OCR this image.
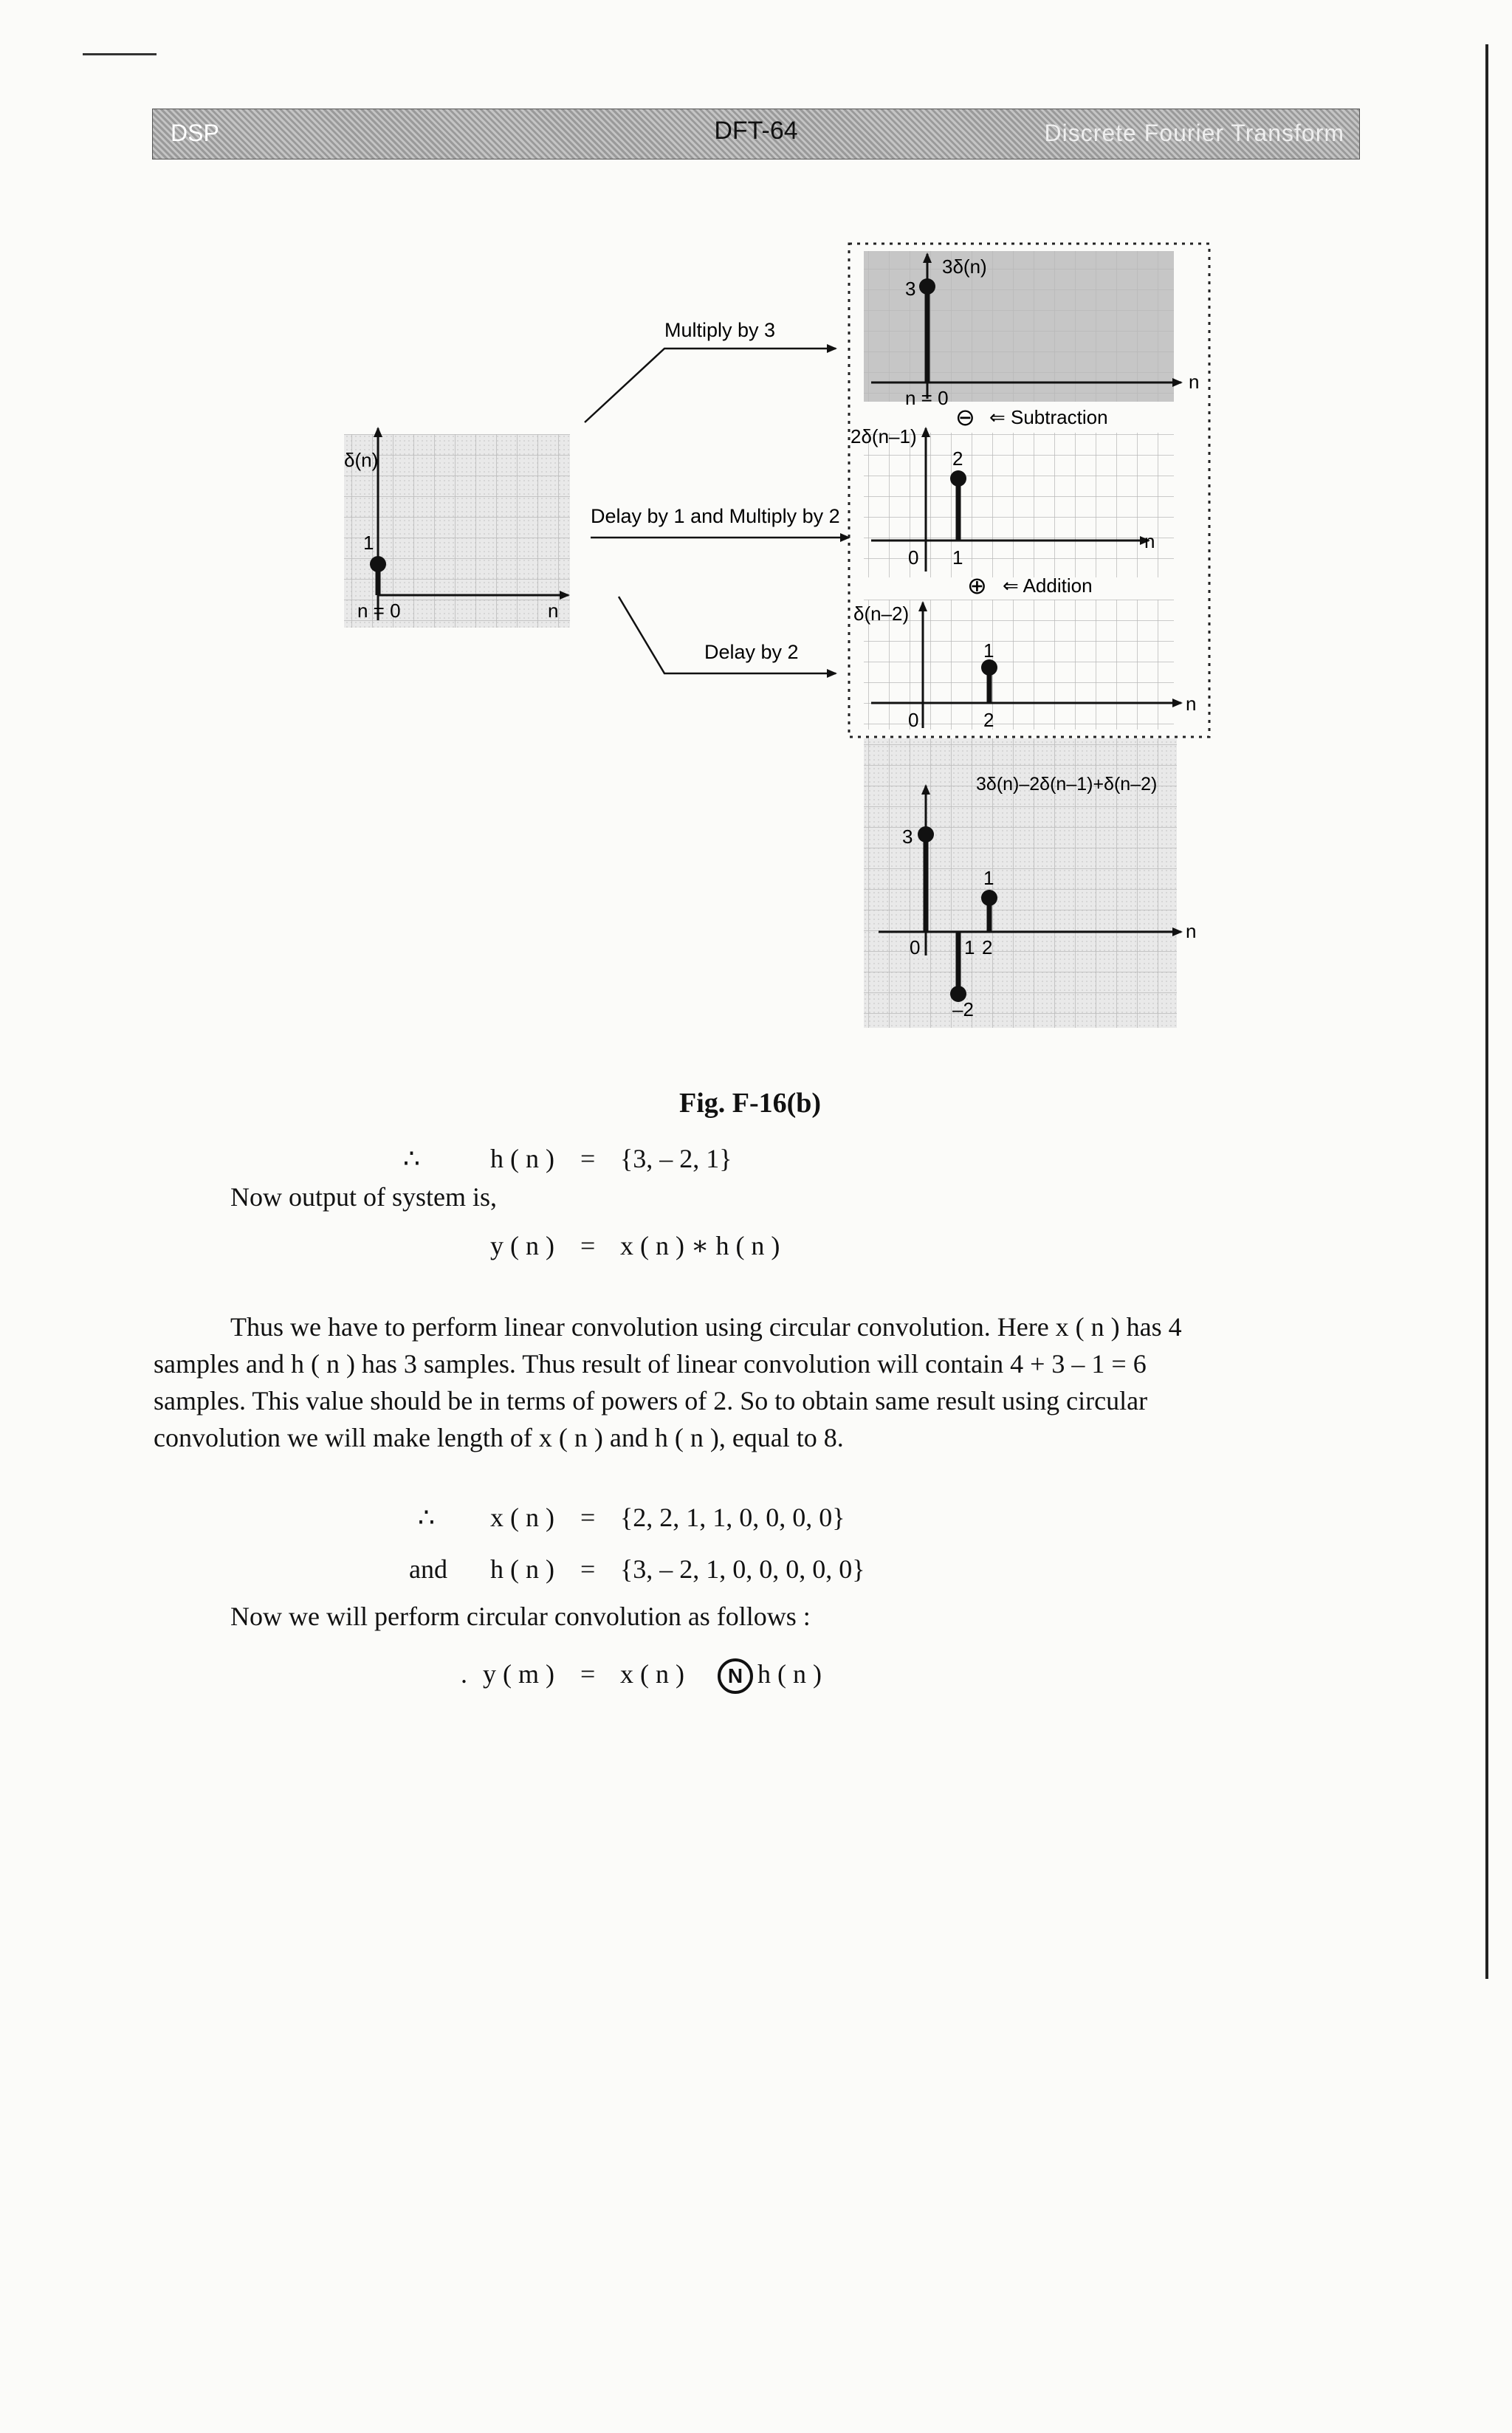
DSP	DFT-64	Discrete Fourier Transform
δ(n)
1
n = 0	n
Multiply by 3
Delay by 1 and Multiply by 2
Delay by 2
3δ(n)
3
n = 0
n
⊖ ⇐ Subtraction
2δ(n–1)
2
0 1
n
⊕ ⇐ Addition
δ(n–2)
1
0	2
n
3δ(n)–2δ(n–1)+δ(n–2)
3
–2
1
0 1 2
n
Fig. F-16(b)
∴	h ( n ) = {3, – 2, 1}
Now output of system is,
y ( n ) = x ( n ) ∗ h ( n )
Thus we have to perform linear convolution using circular convolution. Here x ( n ) has 4
samples and h ( n ) has 3 samples. Thus result of linear convolution will contain 4 + 3 – 1 = 6
samples. This value should be in terms of powers of 2. So to obtain same result using circular
convolution we will make length of x ( n ) and h ( n ), equal to 8.
∴ x ( n ) = {2, 2, 1, 1, 0, 0, 0, 0}
and h ( n ) = {3, – 2, 1, 0, 0, 0, 0, 0}
Now we will perform circular convolution as follows :
. y ( m ) = x ( n )	N h ( n )
